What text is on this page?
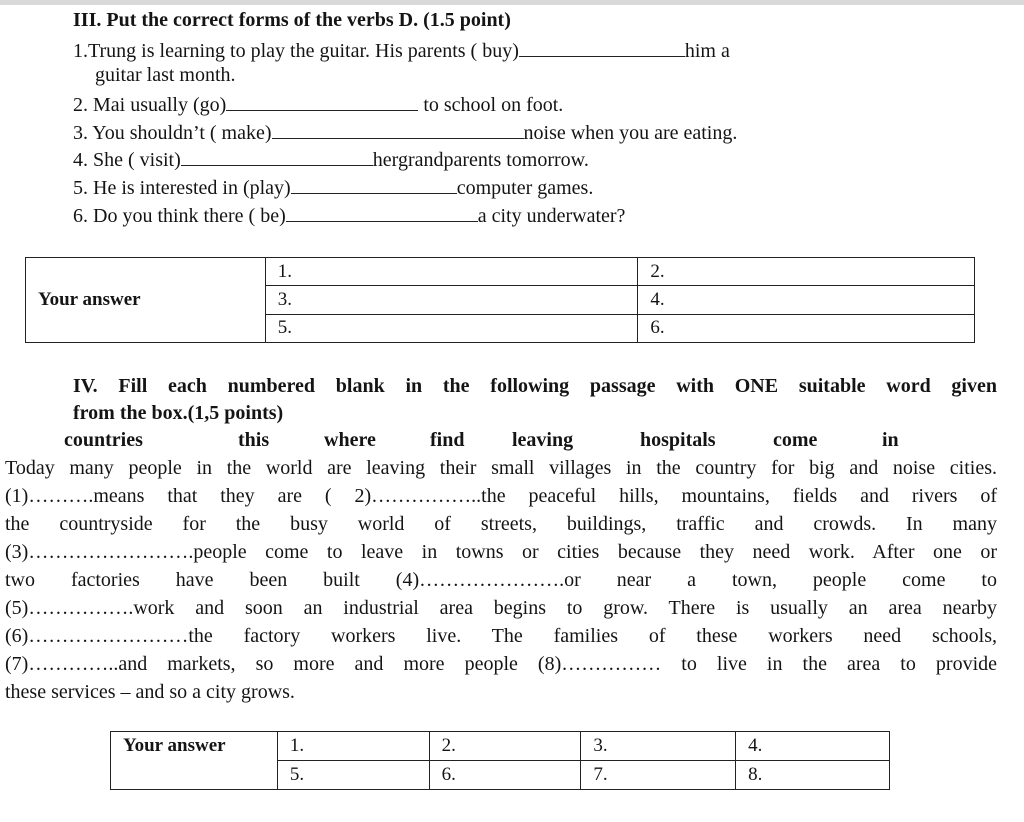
III. Put the correct forms of the verbs D. (1.5 point)
1.Trung is learning to play the guitar. His parents ( buy)	him a
guitar last month.
2. Mai usually (go)	to school on foot.
3. You shouldn’t ( make)	noise when you are eating.
4. She ( visit)	hergrandparents tomorrow.
5. He is interested in (play)	computer games.
6. Do you think there ( be)	a city underwater?
Your answer	1.	2.
	3.	4.
	5.	6.
IV. Fill each numbered blank in the following passage with ONE suitable word given
from the box.(1,5 points)
countries	this	where	find leaving	hospitals	come	in
Today many people in the world are leaving their small villages in the country for big and noise cities.
(1)……….means that they are ( 2)……………..the peaceful hills, mountains, fields and rivers of
the countryside for the busy world of streets, buildings, traffic and crowds. In many
(3)…………………….people come to leave in towns or cities because they need work. After one or
two factories have been built (4)………………….or near a town, people come to
(5)…………….work and soon an industrial area begins to grow. There is usually an area nearby
(6)……………………the factory workers live. The families of these workers need schools,
(7)…………..and markets, so more and more people (8)…………… to live in the area to provide
these services – and so a city grows.
Your answer	1.	2.	3.	4.
	5.	6.	7.	8.
